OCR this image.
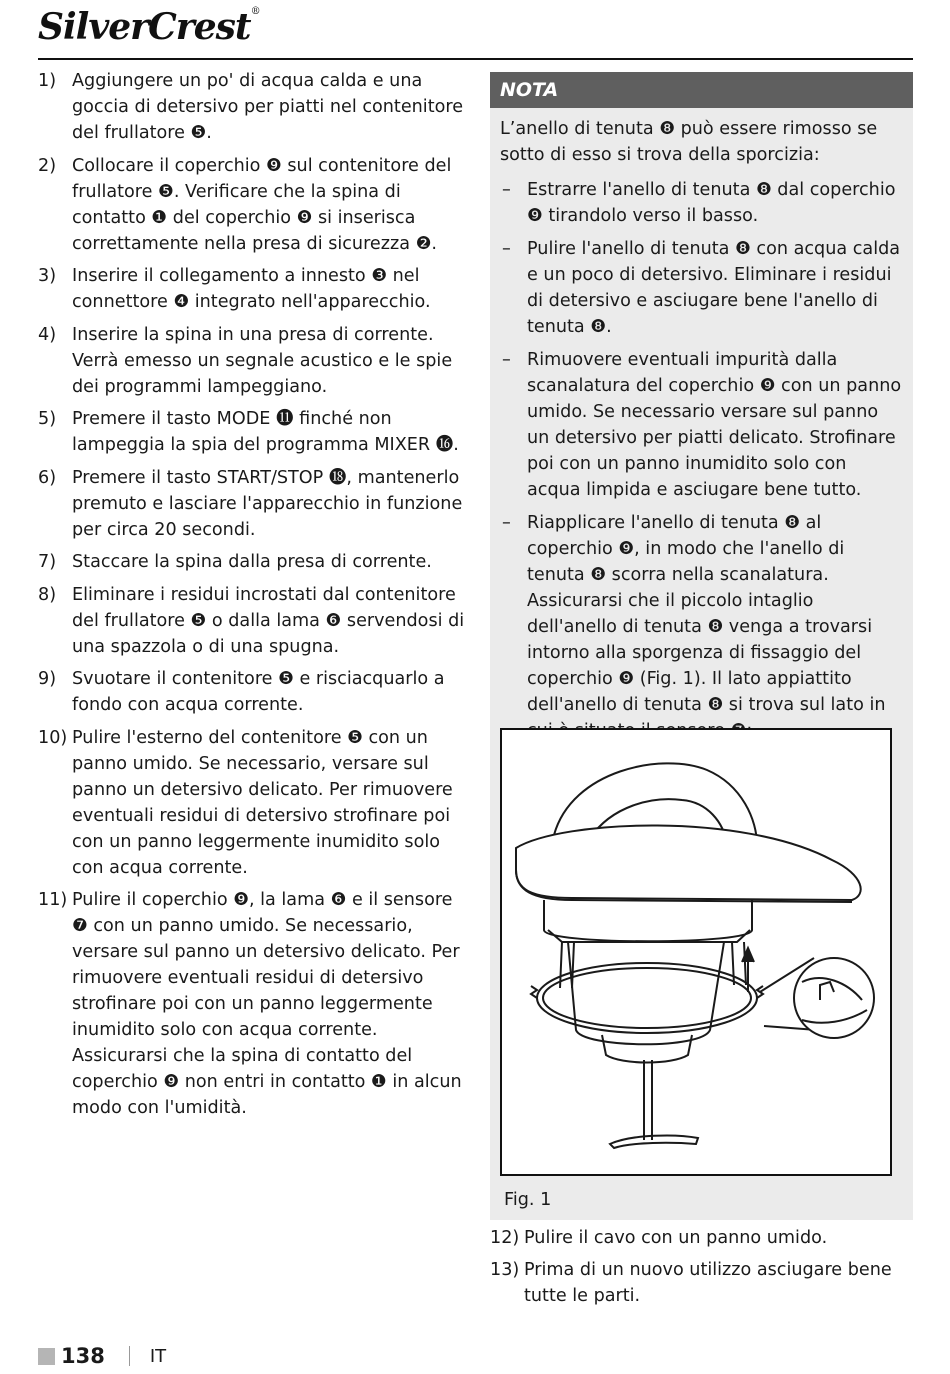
SilverCrest®
1) Aggiungere un po' di acqua calda e una goccia di detersivo per piatti nel contenitore del frullatore ❺.
2) Collocare il coperchio ❾ sul contenitore del frullatore ❺. Verificare che la spina di contatto ❶ del coperchio ❾ si inserisca correttamente nella presa di sicurezza ❷.
3) Inserire il collegamento a innesto ❸ nel connettore ❹ integrato nell'apparecchio.
4) Inserire la spina in una presa di corrente. Verrà emesso un segnale acustico e le spie dei programmi lampeggiano.
5) Premere il tasto MODE ⓫ finché non lampeggia la spia del programma MIXER ⓰.
6) Premere il tasto START/STOP ⓲, mantenerlo premuto e lasciare l'apparecchio in funzione per circa 20 secondi.
7) Staccare la spina dalla presa di corrente.
8) Eliminare i residui incrostati dal contenitore del frullatore ❺ o dalla lama ❻ servendosi di una spazzola o di una spugna.
9) Svuotare il contenitore ❺ e risciacquarlo a fondo con acqua corrente.
10) Pulire l'esterno del contenitore ❺ con un panno umido. Se necessario, versare sul panno un detersivo delicato. Per rimuovere eventuali residui di detersivo strofinare poi con un panno leggermente inumidito solo con acqua corrente.
11) Pulire il coperchio ❾, la lama ❻ e il sensore ❼ con un panno umido. Se necessario, versare sul panno un detersivo delicato. Per rimuovere eventuali residui di detersivo strofinare poi con un panno leggermente inumidito solo con acqua corrente. Assicurarsi che la spina di contatto del coperchio ❾ non entri in contatto ❶ in alcun modo con l'umidità.
NOTA

L’anello di tenuta ❽ può essere rimosso se sotto di esso si trova della sporcizia:

– Estrarre l'anello di tenuta ❽ dal coperchio ❾ tirandolo verso il basso.
– Pulire l'anello di tenuta ❽ con acqua calda e un poco di detersivo. Eliminare i residui di detersivo e asciugare bene l'anello di tenuta ❽.
– Rimuovere eventuali impurità dalla scanalatura del coperchio ❾ con un panno umido. Se necessario versare sul panno un detersivo per piatti delicato. Strofinare poi con un panno inumidito solo con acqua limpida e asciugare bene tutto.
– Riapplicare l'anello di tenuta ❽ al coperchio ❾, in modo che l'anello di tenuta ❽ scorra nella scanalatura. Assicurarsi che il piccolo intaglio dell'anello di tenuta ❽ venga a trovarsi intorno alla sporgenza di fissaggio del coperchio ❾ (Fig. 1). Il lato appiattito dell'anello di tenuta ❽ si trova sul lato in
Fig. 1
12) Pulire il cavo con un panno umido.
13) Prima di un nuovo utilizzo asciugare bene tutte le parti.
138	IT
